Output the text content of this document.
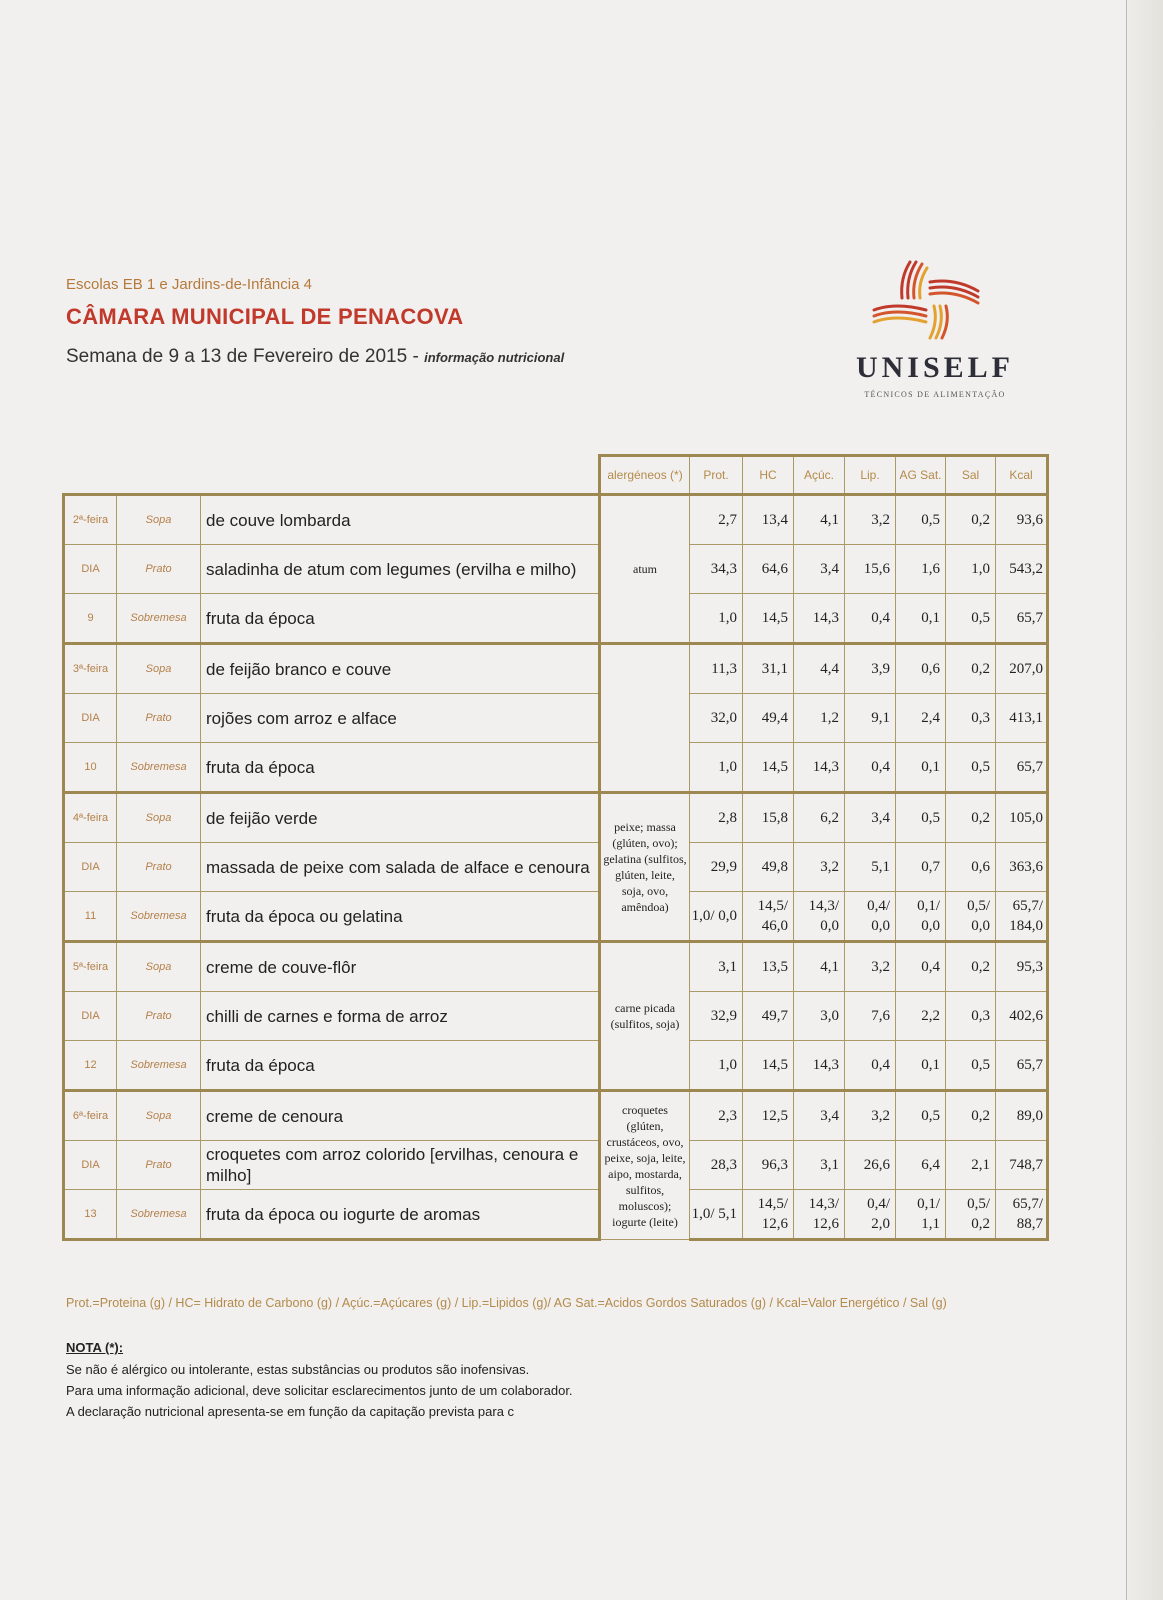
Escolas EB 1 e Jardins-de-Infância 4
CÂMARA MUNICIPAL DE PENACOVA
Semana de 9 a 13 de Fevereiro de 2015 - informação nutricional	UNISELF
TÉCNICOS DE ALIMENTAÇÃO
			alergéneos (*)	Prot.	HC	Açúc.	Lip.	AG Sat.	Sal	Kcal
2ª-feira	Sopa	de couve lombarda	atum	2,7	13,4	4,1	3,2	0,5	0,2	93,6
DIA	Prato	saladinha de atum com legumes (ervilha e milho)		34,3	64,6	3,4	15,6	1,6	1,0	543,2
9	Sobremesa	fruta da época		1,0	14,5	14,3	0,4	0,1	0,5	65,7
3ª-feira	Sopa	de feijão branco e couve		11,3	31,1	4,4	3,9	0,6	0,2	207,0
DIA	Prato	rojões com arroz e alface		32,0	49,4	1,2	9,1	2,4	0,3	413,1
10	Sobremesa	fruta da época		1,0	14,5	14,3	0,4	0,1	0,5	65,7
4ª-feira	Sopa	de feijão verde	peixe; massa (glúten, ovo); gelatina (sulfitos, glúten, leite, soja, ovo, amêndoa)	2,8	15,8	6,2	3,4	0,5	0,2	105,0
DIA	Prato	massada de peixe com salada de alface e cenoura		29,9	49,8	3,2	5,1	0,7	0,6	363,6
11	Sobremesa	fruta da época ou gelatina		1,0/ 0,0	14,5/ 46,0	14,3/ 0,0	0,4/ 0,0	0,1/ 0,0	0,5/ 0,0	65,7/ 184,0
5ª-feira	Sopa	creme de couve-flôr	carne picada (sulfitos, soja)	3,1	13,5	4,1	3,2	0,4	0,2	95,3
DIA	Prato	chilli de carnes e forma de arroz		32,9	49,7	3,0	7,6	2,2	0,3	402,6
12	Sobremesa	fruta da época		1,0	14,5	14,3	0,4	0,1	0,5	65,7
6ª-feira	Sopa	creme de cenoura	croquetes (glúten, crustáceos, ovo, peixe, soja, leite, aipo, mostarda, sulfitos, moluscos); iogurte (leite)	2,3	12,5	3,4	3,2	0,5	0,2	89,0
DIA	Prato	croquetes com arroz colorido [ervilhas, cenoura e milho]		28,3	96,3	3,1	26,6	6,4	2,1	748,7
13	Sobremesa	fruta da época ou iogurte de aromas		1,0/ 5,1	14,5/ 12,6	14,3/ 12,6	0,4/ 2,0	0,1/ 1,1	0,5/ 0,2	65,7/ 88,7
Prot.=Proteina (g) / HC= Hidrato de Carbono (g) / Açúc.=Açúcares (g) / Lip.=Lipidos (g)/ AG Sat.=Acidos Gordos Saturados (g) / Kcal=Valor Energético / Sal (g)
NOTA (*):
Se não é alérgico ou intolerante, estas substâncias ou produtos são inofensivas.
Para uma informação adicional, deve solicitar esclarecimentos junto de um colaborador.
A declaração nutricional apresenta-se em função da capitação prevista para c
